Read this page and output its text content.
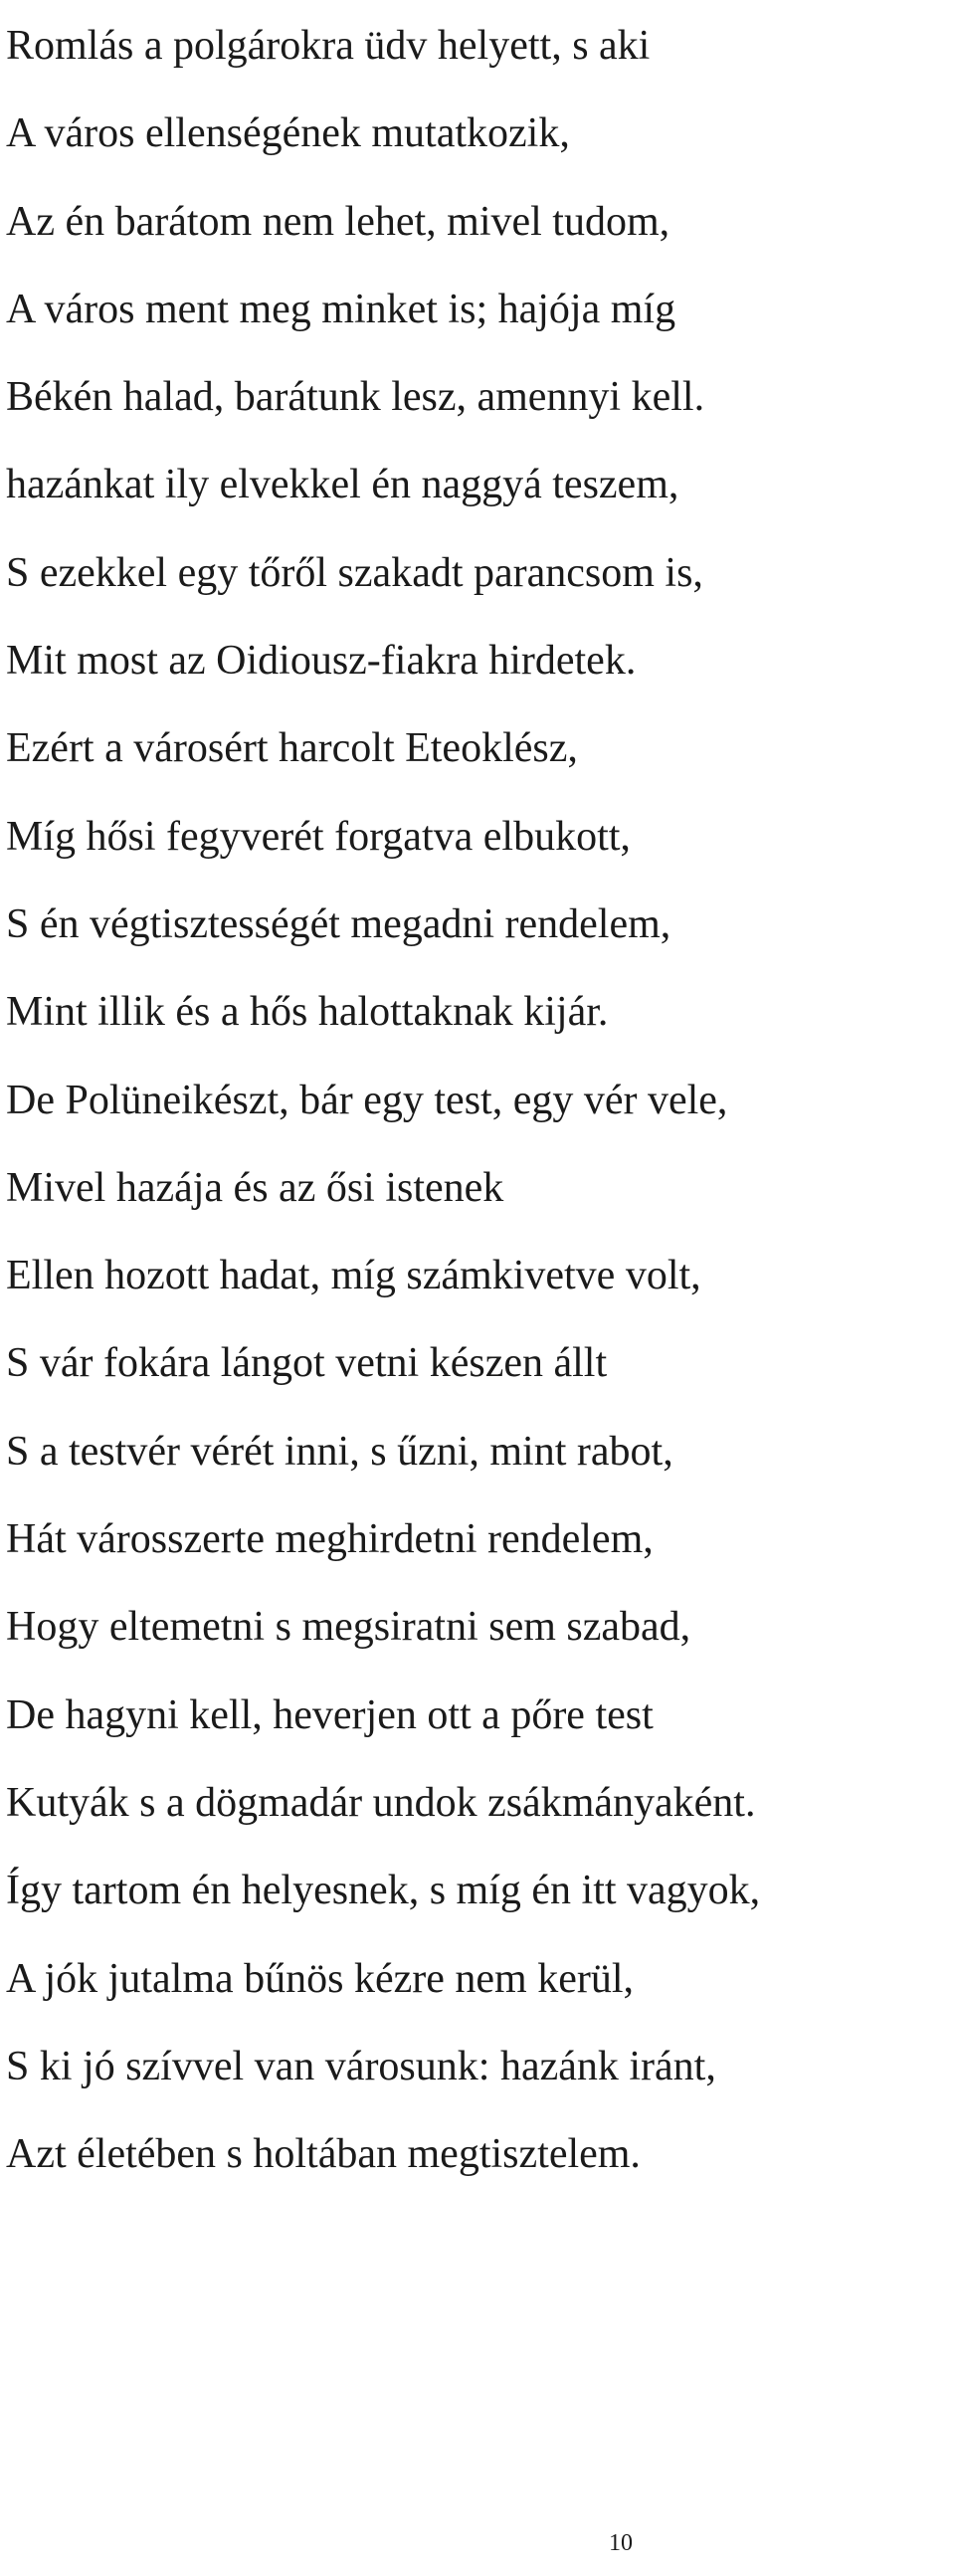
Romlás a polgárokra üdv helyett, s aki
A város ellenségének mutatkozik,
Az én barátom nem lehet, mivel tudom,
A város ment meg minket is; hajója míg
Békén halad, barátunk lesz, amennyi kell.
hazánkat ily elvekkel én naggyá teszem,
S ezekkel egy tőről szakadt parancsom is,
Mit most az Oidiousz-fiakra hirdetek.
Ezért a városért harcolt Eteoklész,
Míg hősi fegyverét forgatva elbukott,
S én végtisztességét megadni rendelem,
Mint illik és a hős halottaknak kijár.
De Polüneikészt, bár egy test, egy vér vele,
Mivel hazája és az ősi istenek
Ellen hozott hadat, míg számkivetve volt,
S vár fokára lángot vetni készen állt
S a testvér vérét inni, s űzni, mint rabot,
Hát városszerte meghirdetni rendelem,
Hogy eltemetni s megsiratni sem szabad,
De hagyni kell, heverjen ott a pőre test
Kutyák s a dögmadár undok zsákmányaként.
Így tartom én helyesnek, s míg én itt vagyok,
A jók jutalma bűnös kézre nem kerül,
S ki jó szívvel van városunk: hazánk iránt,
Azt életében s holtában megtisztelem.
10
